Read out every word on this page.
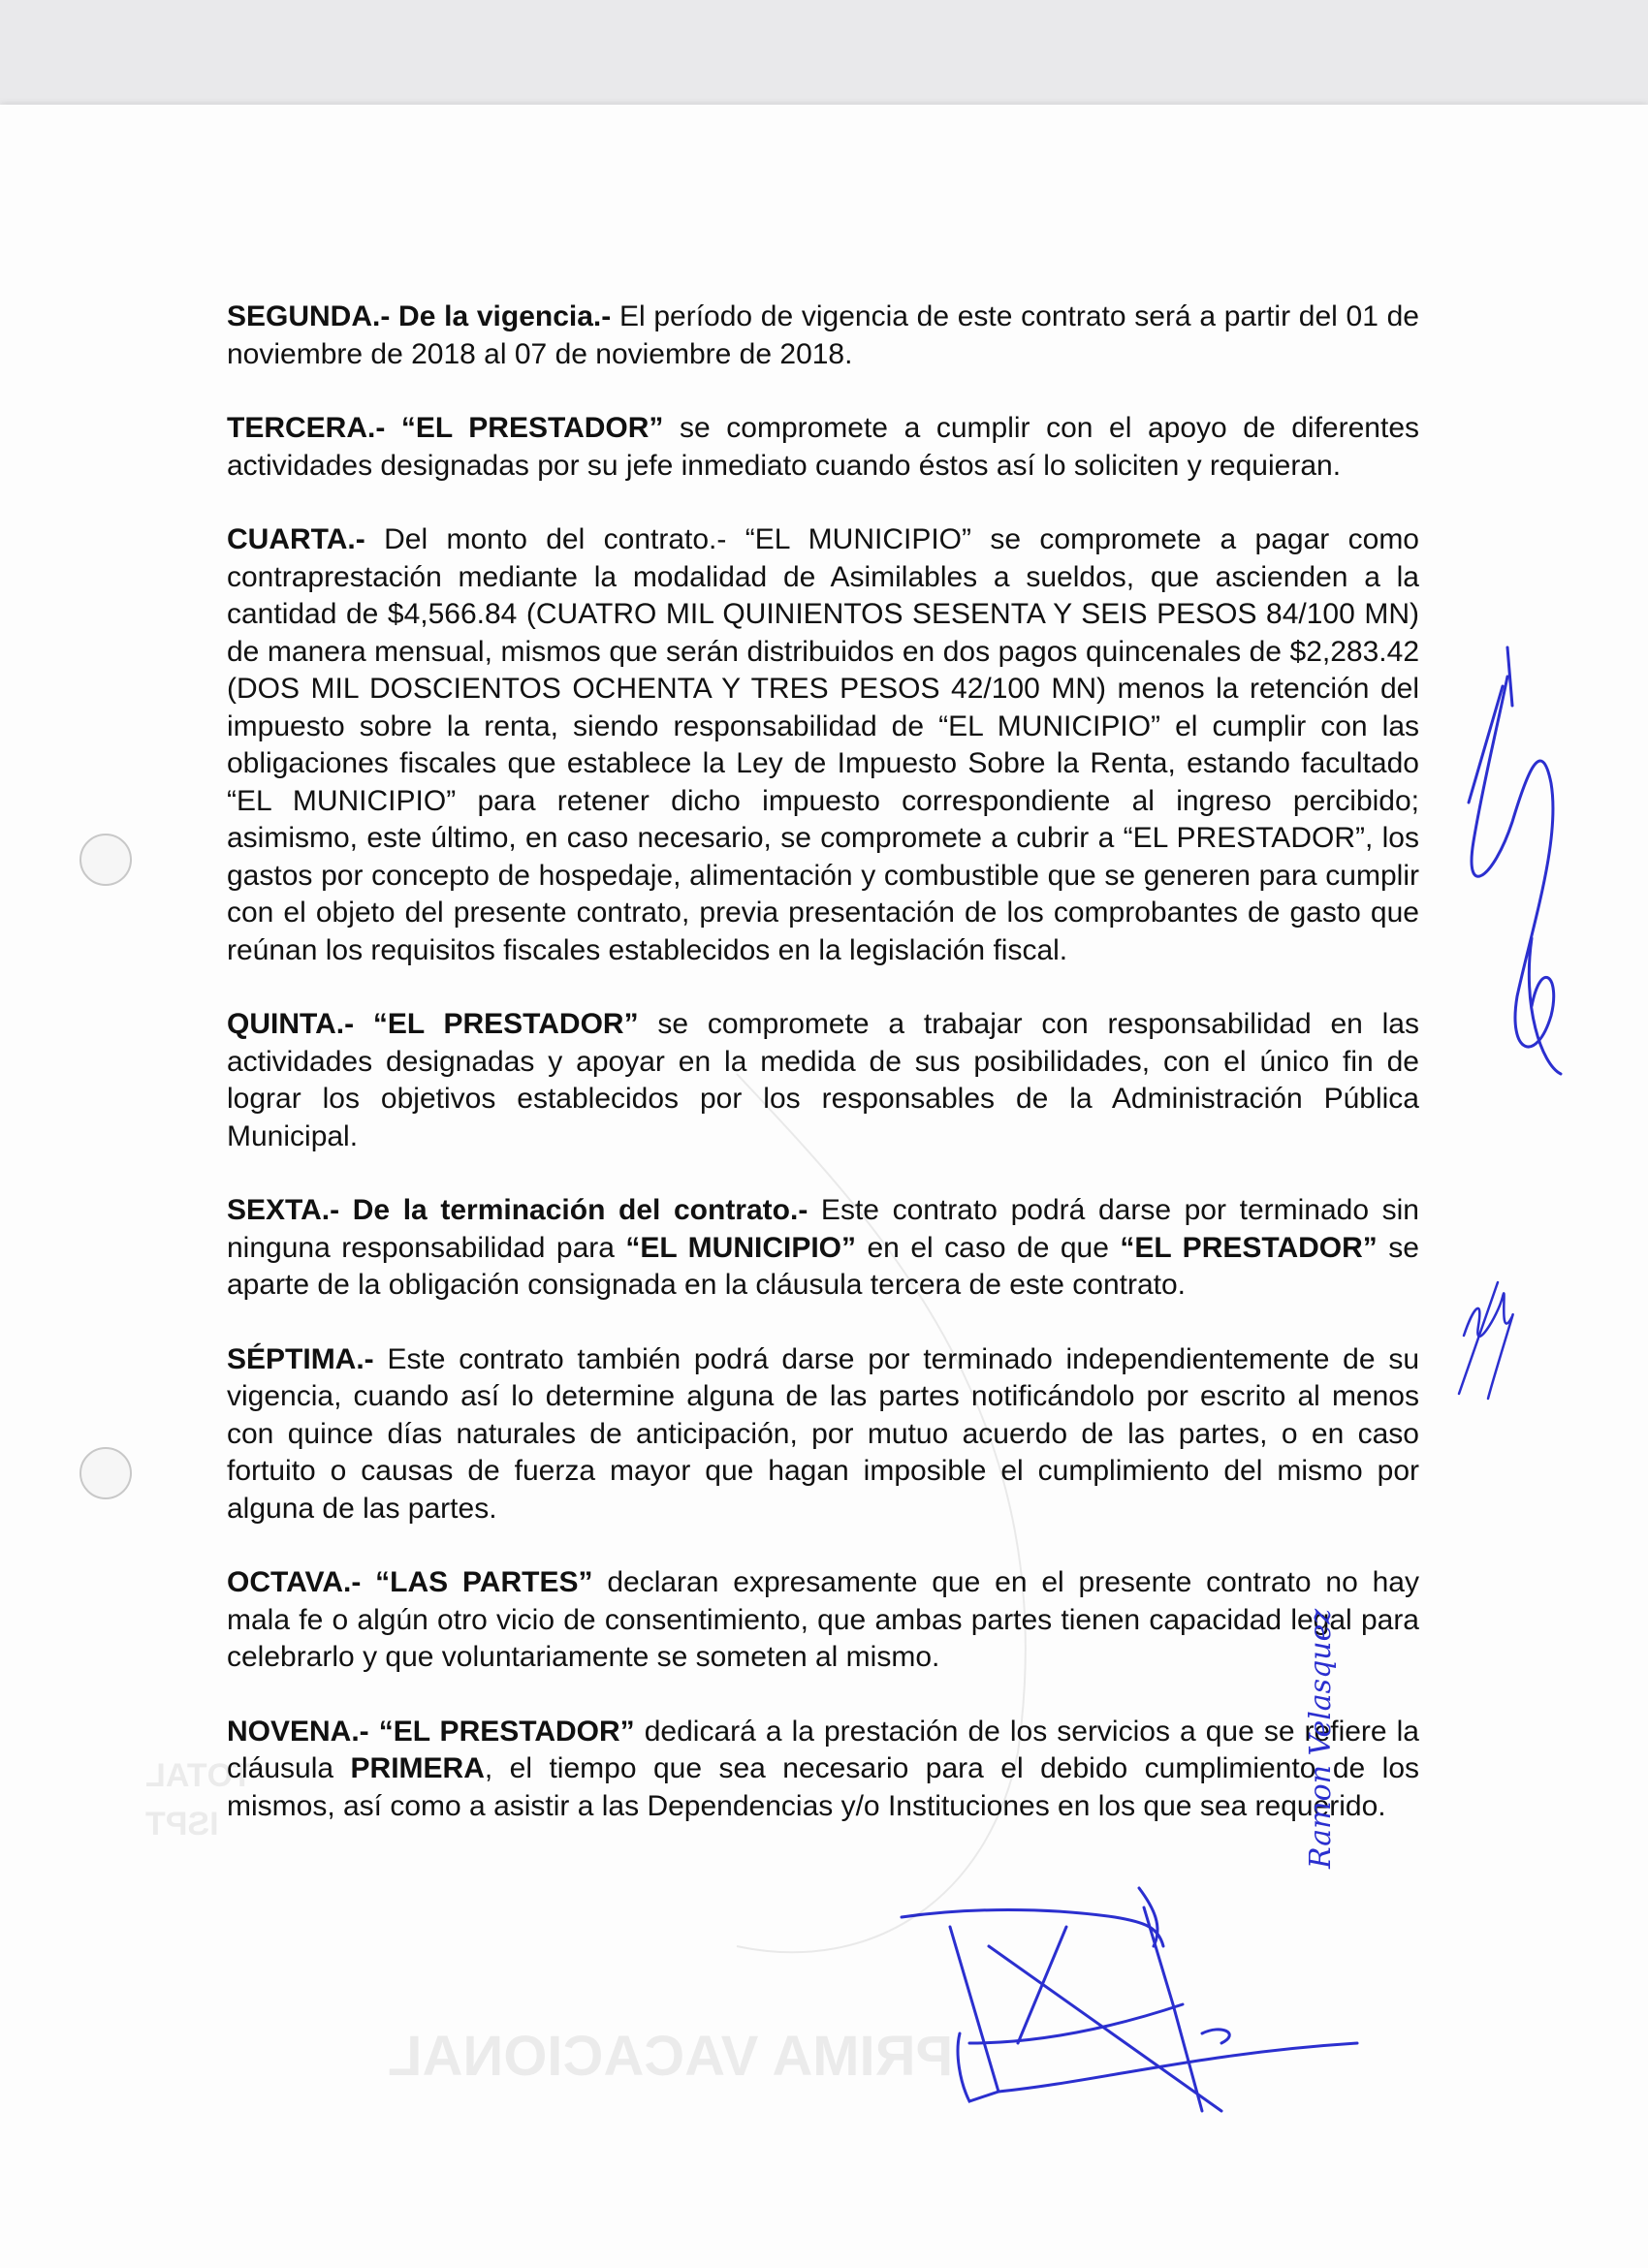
PRIMA VACACIONAL
ISPT
TOTAL

SEGUNDA.- De la vigencia.- El período de vigencia de este contrato será a partir del 01 de noviembre de 2018 al 07 de noviembre de 2018.

TERCERA.- “EL PRESTADOR” se compromete a cumplir con el apoyo de diferentes actividades designadas por su jefe inmediato cuando éstos así lo soliciten y requieran.

CUARTA.- Del monto del contrato.- “EL MUNICIPIO” se compromete a pagar como contraprestación mediante la modalidad de Asimilables a sueldos, que ascienden a la cantidad de $4,566.84 (CUATRO MIL QUINIENTOS SESENTA Y SEIS PESOS 84/100 MN) de manera mensual, mismos que serán distribuidos en dos pagos quincenales de $2,283.42 (DOS MIL DOSCIENTOS OCHENTA Y TRES PESOS 42/100 MN) menos la retención del impuesto sobre la renta, siendo responsabilidad de “EL MUNICIPIO” el cumplir con las obligaciones fiscales que establece la Ley de Impuesto Sobre la Renta, estando facultado “EL MUNICIPIO” para retener dicho impuesto correspondiente al ingreso percibido; asimismo, este último, en caso necesario, se compromete a cubrir a “EL PRESTADOR”, los gastos por concepto de hospedaje, alimentación y combustible que se generen para cumplir con el objeto del presente contrato, previa presentación de los comprobantes de gasto que reúnan los requisitos fiscales establecidos en la legislación fiscal.

QUINTA.- “EL PRESTADOR” se compromete a trabajar con responsabilidad en las actividades designadas y apoyar en la medida de sus posibilidades, con el único fin de lograr los objetivos establecidos por los responsables de la Administración Pública Municipal.

SEXTA.- De la terminación del contrato.- Este contrato podrá darse por terminado sin ninguna responsabilidad para “EL MUNICIPIO” en el caso de que “EL PRESTADOR” se aparte de la obligación consignada en la cláusula tercera de este contrato.

SÉPTIMA.- Este contrato también podrá darse por terminado independientemente de su vigencia, cuando así lo determine alguna de las partes notificándolo por escrito al menos con quince días naturales de anticipación, por mutuo acuerdo de las partes, o en caso fortuito o causas de fuerza mayor que hagan imposible el cumplimiento del mismo por alguna de las partes.

OCTAVA.- “LAS PARTES” declaran expresamente que en el presente contrato no hay mala fe o algún otro vicio de consentimiento, que ambas partes tienen capacidad legal para celebrarlo y que voluntariamente se someten al mismo.

NOVENA.- “EL PRESTADOR” dedicará a la prestación de los servicios a que se refiere la cláusula PRIMERA, el tiempo que sea necesario para el debido cumplimiento de los mismos, así como a asistir a las Dependencias y/o Instituciones en los que sea requerido.

Ramon Velasquez
